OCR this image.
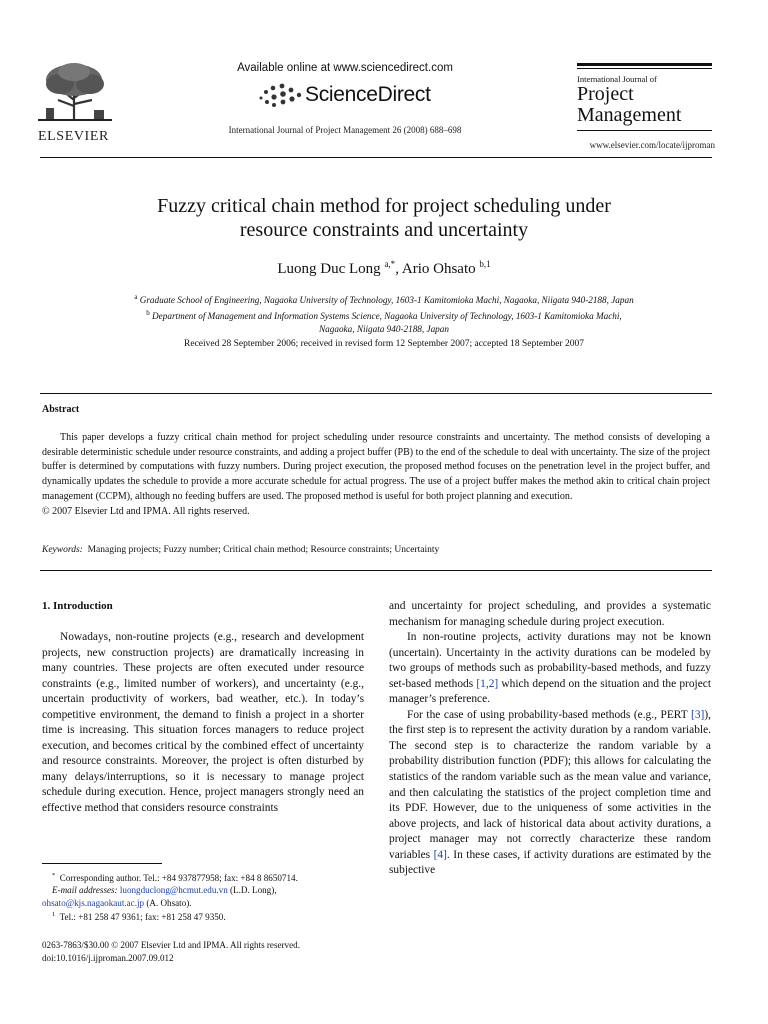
ELSEVIER
Available online at www.sciencedirect.com
ScienceDirect
International Journal of Project Management 26 (2008) 688–698
International Journal of
Project
Management
www.elsevier.com/locate/ijproman
Fuzzy critical chain method for project scheduling under
resource constraints and uncertainty
Luong Duc Long $^{a,*}$, Ario Ohsato $^{b,1}$
$^a$ Graduate School of Engineering, Nagaoka University of Technology, 1603-1 Kamitomioka Machi, Nagaoka, Niigata 940-2188, Japan
$^b$ Department of Management and Information Systems Science, Nagaoka University of Technology, 1603-1 Kamitomioka Machi,
Nagaoka, Niigata 940-2188, Japan
Received 28 September 2006; received in revised form 12 September 2007; accepted 18 September 2007
Abstract

This paper develops a fuzzy critical chain method for project scheduling under resource constraints and uncertainty. The method consists of developing a desirable deterministic schedule under resource constraints, and adding a project buffer (PB) to the end of the schedule to deal with uncertainty. The size of the project buffer is determined by computations with fuzzy numbers. During project execution, the proposed method focuses on the penetration level in the project buffer, and dynamically updates the schedule to provide a more accurate schedule for actual progress. The use of a project buffer makes the method akin to critical chain project management (CCPM), although no feeding buffers are used. The proposed method is useful for both project planning and execution.

© 2007 Elsevier Ltd and IPMA. All rights reserved.

Keywords: Managing projects; Fuzzy number; Critical chain method; Resource constraints; Uncertainty
1. Introduction

Nowadays, non-routine projects (e.g., research and development projects, new construction projects) are dramatically increasing in many countries. These projects are often executed under resource constraints (e.g., limited number of workers), and uncertainty (e.g., uncertain productivity of workers, bad weather, etc.). In today’s competitive environment, the demand to finish a project in a shorter time is increasing. This situation forces managers to reduce project execution, and becomes critical by the combined effect of uncertainty and resource constraints. Moreover, the project is often disturbed by many delays/interruptions, so it is necessary to manage project schedule during execution. Hence, project managers strongly need an effective method that considers resource constraints

and uncertainty for project scheduling, and provides a systematic mechanism for managing schedule during project execution.

In non-routine projects, activity durations may not be known (uncertain). Uncertainty in the activity durations can be modeled by two groups of methods such as probability-based methods, and fuzzy set-based methods [1,2] which depend on the situation and the project manager’s preference.

For the case of using probability-based methods (e.g., PERT [3]), the first step is to represent the activity duration by a random variable. The second step is to characterize the random variable by a probability distribution function (PDF); this allows for calculating the statistics of the random variable such as the mean value and variance, and then calculating the statistics of the project completion time and its PDF. However, due to the uniqueness of some activities in the above projects, and lack of historical data about activity durations, a project manager may not correctly characterize these random variables [4]. In these cases, if activity durations are estimated by the subjective

* Corresponding author. Tel.: +84 937877958; fax: +84 8 8650714.
E-mail addresses: luongduclong@hcmut.edu.vn (L.D. Long), ohsato@kjs.nagaokaut.ac.jp (A. Ohsato).
$^1$ Tel.: +81 258 47 9361; fax: +81 258 47 9350.
0263-7863/$30.00 © 2007 Elsevier Ltd and IPMA. All rights reserved.
doi:10.1016/j.ijproman.2007.09.012
